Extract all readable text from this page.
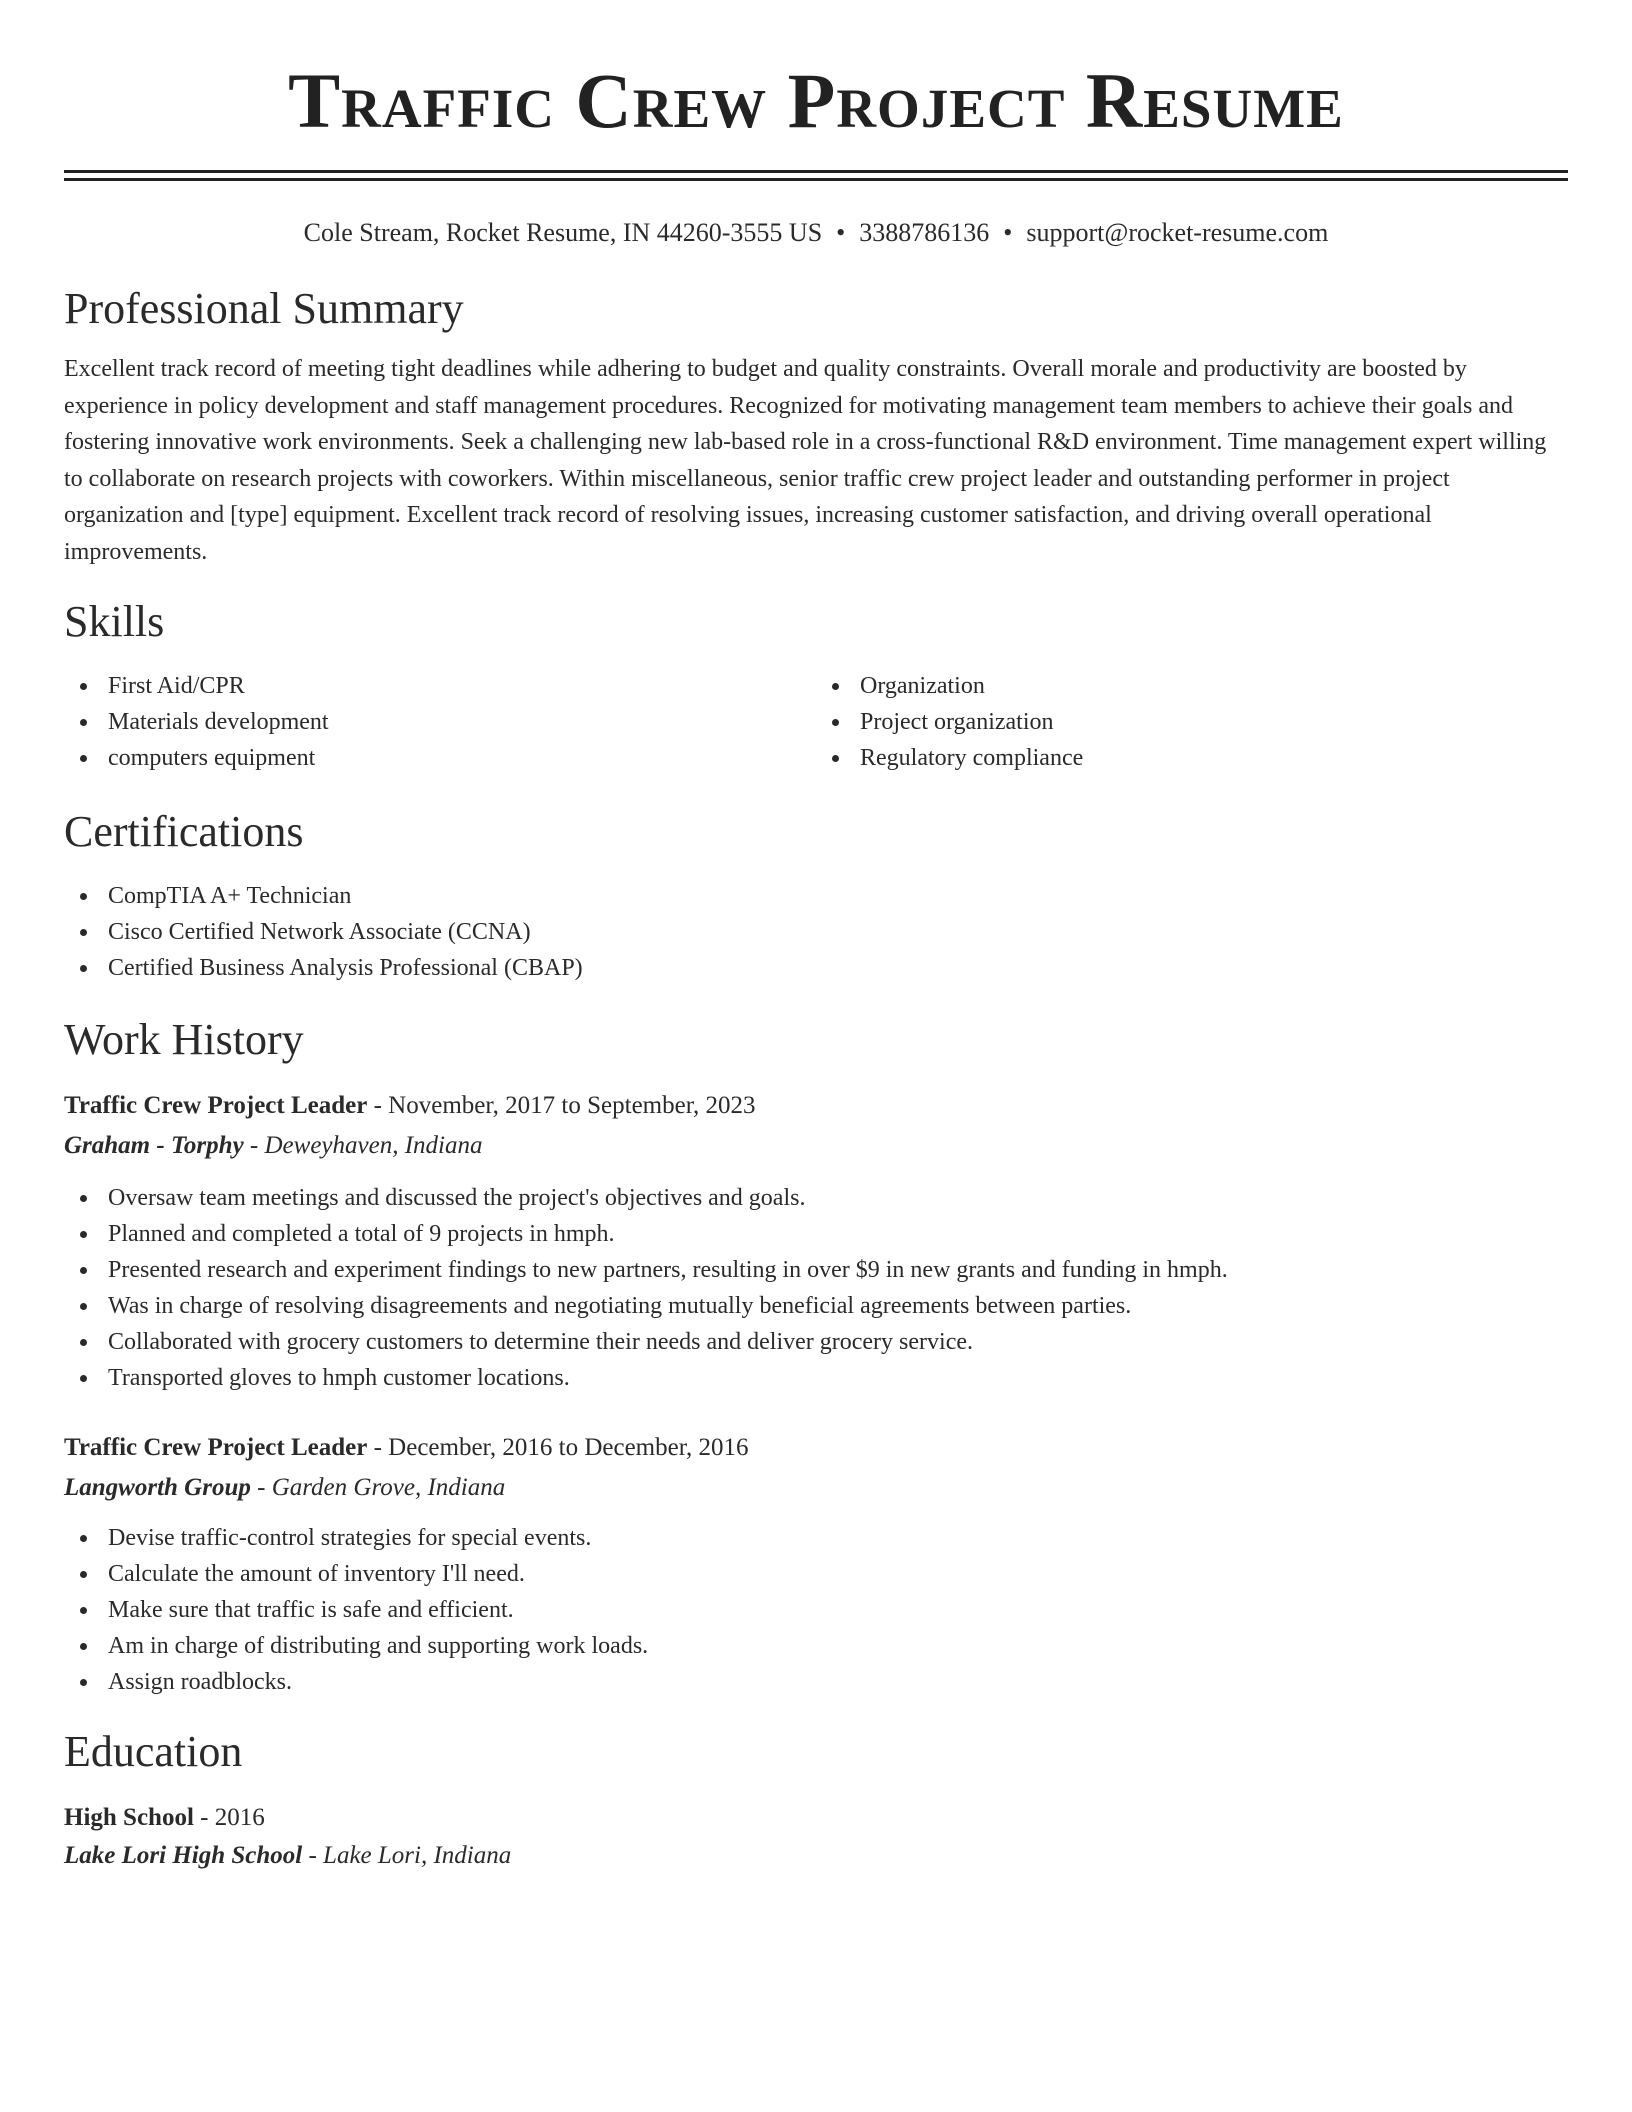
Traffic Crew Project Resume
Cole Stream, Rocket Resume, IN 44260-3555 US • 3388786136 • support@rocket-resume.com
Professional Summary
Excellent track record of meeting tight deadlines while adhering to budget and quality constraints. Overall morale and productivity are boosted by experience in policy development and staff management procedures. Recognized for motivating management team members to achieve their goals and fostering innovative work environments. Seek a challenging new lab-based role in a cross-functional R&D environment. Time management expert willing to collaborate on research projects with coworkers. Within miscellaneous, senior traffic crew project leader and outstanding performer in project organization and [type] equipment. Excellent track record of resolving issues, increasing customer satisfaction, and driving overall operational improvements.
Skills
First Aid/CPR
Materials development
computers equipment
Organization
Project organization
Regulatory compliance
Certifications
CompTIA A+ Technician
Cisco Certified Network Associate (CCNA)
Certified Business Analysis Professional (CBAP)
Work History
Traffic Crew Project Leader - November, 2017 to September, 2023
Graham - Torphy - Deweyhaven, Indiana
Oversaw team meetings and discussed the project's objectives and goals.
Planned and completed a total of 9 projects in hmph.
Presented research and experiment findings to new partners, resulting in over $9 in new grants and funding in hmph.
Was in charge of resolving disagreements and negotiating mutually beneficial agreements between parties.
Collaborated with grocery customers to determine their needs and deliver grocery service.
Transported gloves to hmph customer locations.
Traffic Crew Project Leader - December, 2016 to December, 2016
Langworth Group - Garden Grove, Indiana
Devise traffic-control strategies for special events.
Calculate the amount of inventory I'll need.
Make sure that traffic is safe and efficient.
Am in charge of distributing and supporting work loads.
Assign roadblocks.
Education
High School - 2016
Lake Lori High School - Lake Lori, Indiana
